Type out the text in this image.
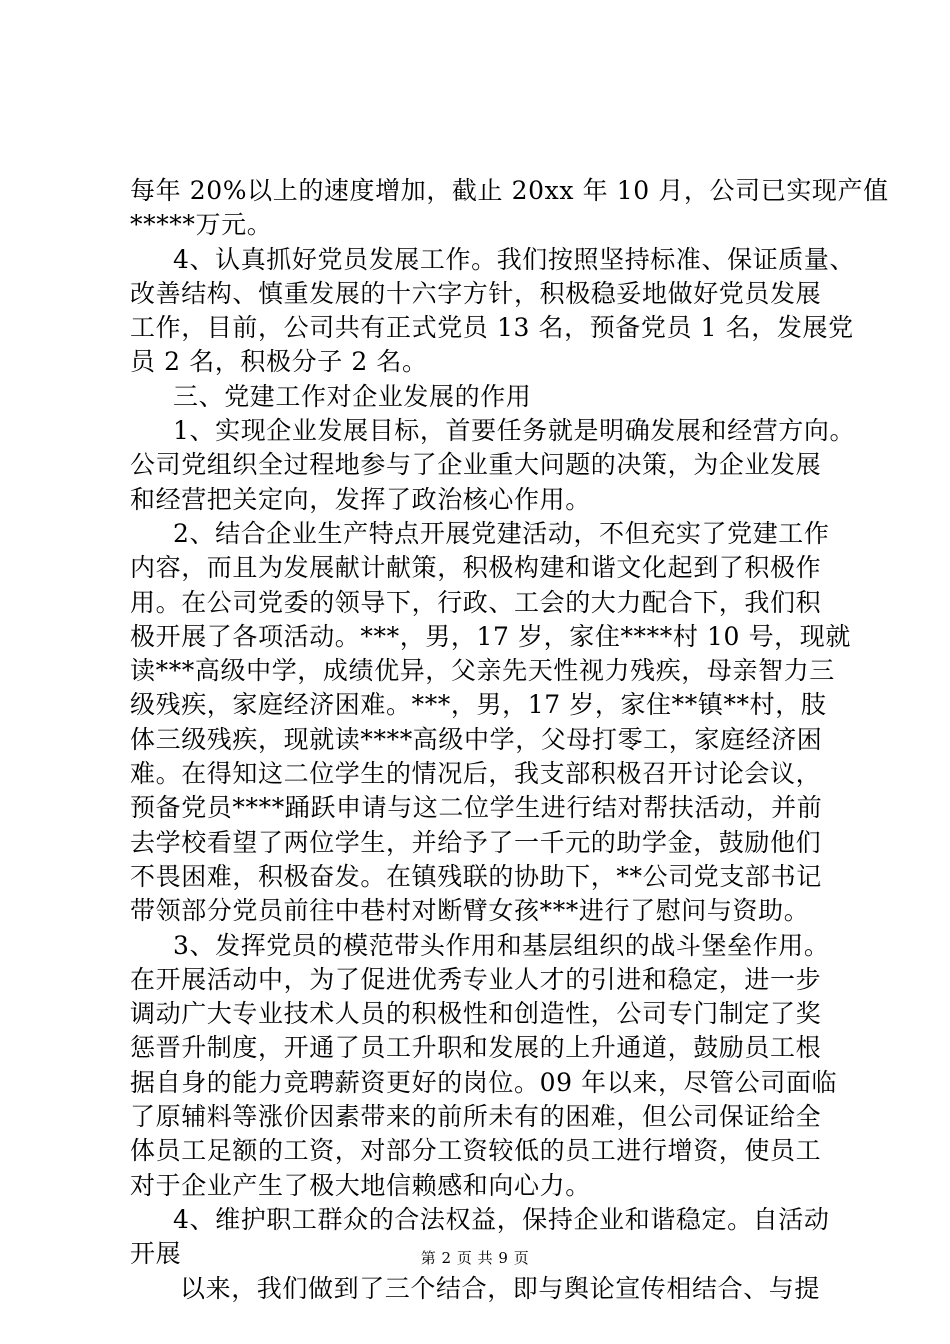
每年 20%以上的速度增加，截止 20xx 年 10 月，公司已实现产值
*****万元。
4、认真抓好党员发展工作。我们按照坚持标准、保证质量、
改善结构、慎重发展的十六字方针，积极稳妥地做好党员发展
工作，目前，公司共有正式党员 13 名，预备党员 1 名，发展党
员 2 名，积极分子 2 名。
三、党建工作对企业发展的作用
1、实现企业发展目标，首要任务就是明确发展和经营方向。
公司党组织全过程地参与了企业重大问题的决策，为企业发展
和经营把关定向，发挥了政治核心作用。
2、结合企业生产特点开展党建活动，不但充实了党建工作
内容，而且为发展献计献策，积极构建和谐文化起到了积极作
用。在公司党委的领导下，行政、工会的大力配合下，我们积
极开展了各项活动。***，男，17 岁，家住****村 10 号，现就
读***高级中学，成绩优异，父亲先天性视力残疾，母亲智力三
级残疾，家庭经济困难。***，男，17 岁，家住**镇**村，肢
体三级残疾，现就读****高级中学，父母打零工，家庭经济困
难。在得知这二位学生的情况后，我支部积极召开讨论会议，
预备党员****踊跃申请与这二位学生进行结对帮扶活动，并前
去学校看望了两位学生，并给予了一千元的助学金，鼓励他们
不畏困难，积极奋发。在镇残联的协助下，**公司党支部书记
带领部分党员前往中巷村对断臂女孩***进行了慰问与资助。
3、发挥党员的模范带头作用和基层组织的战斗堡垒作用。
在开展活动中，为了促进优秀专业人才的引进和稳定，进一步
调动广大专业技术人员的积极性和创造性，公司专门制定了奖
惩晋升制度，开通了员工升职和发展的上升通道，鼓励员工根
据自身的能力竞聘薪资更好的岗位。09 年以来，尽管公司面临
了原辅料等涨价因素带来的前所未有的困难，但公司保证给全
体员工足额的工资，对部分工资较低的员工进行增资，使员工
对于企业产生了极大地信赖感和向心力。
4、维护职工群众的合法权益，保持企业和谐稳定。自活动
开展
以来，我们做到了三个结合，即与舆论宣传相结合、与提
第 2 页 共 9 页
